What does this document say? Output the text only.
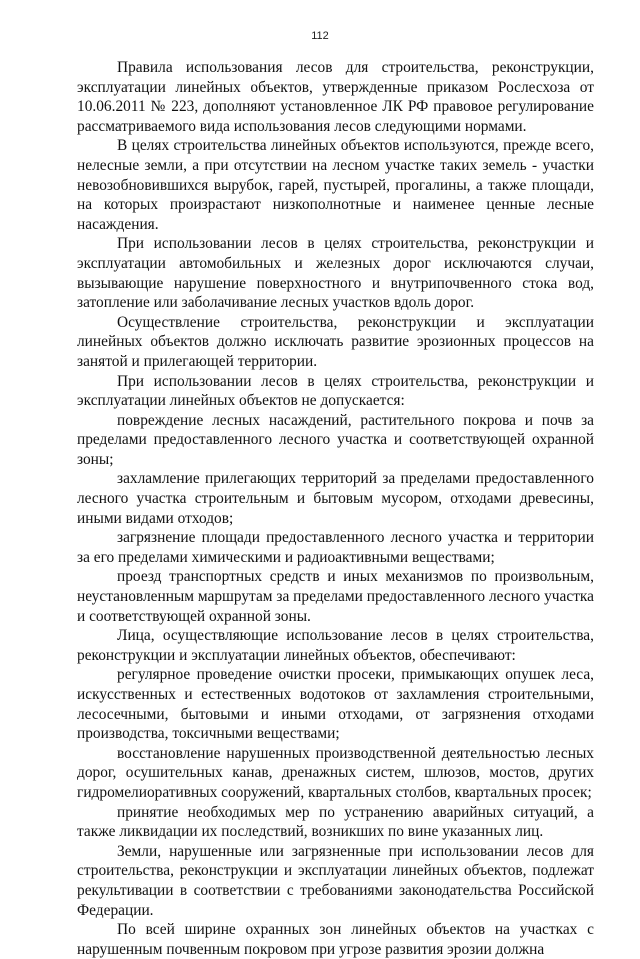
112

Правила использования лесов для строительства, реконструкции, эксплуатации линейных объектов, утвержденные приказом Рослесхоза от 10.06.2011 № 223, дополняют установленное ЛК РФ правовое регулирование рассматриваемого вида использования лесов следующими нормами.

В целях строительства линейных объектов используются, прежде всего, нелесные земли, а при отсутствии на лесном участке таких земель - участки невозобновившихся вырубок, гарей, пустырей, прогалины, а также площади, на которых произрастают низкополнотные и наименее ценные лесные насаждения.

При использовании лесов в целях строительства, реконструкции и эксплуатации автомобильных и железных дорог исключаются случаи, вызывающие нарушение поверхностного и внутрипочвенного стока вод, затопление или заболачивание лесных участков вдоль дорог.

Осуществление строительства, реконструкции и эксплуатации линейных объектов должно исключать развитие эрозионных процессов на занятой и прилегающей территории.

При использовании лесов в целях строительства, реконструкции и эксплуатации линейных объектов не допускается:

повреждение лесных насаждений, растительного покрова и почв за пределами предоставленного лесного участка и соответствующей охранной зоны;

захламление прилегающих территорий за пределами предоставленного лесного участка строительным и бытовым мусором, отходами древесины, иными видами отходов;

загрязнение площади предоставленного лесного участка и территории за его пределами химическими и радиоактивными веществами;

проезд транспортных средств и иных механизмов по произвольным, неустановленным маршрутам за пределами предоставленного лесного участка и соответствующей охранной зоны.

Лица, осуществляющие использование лесов в целях строительства, реконструкции и эксплуатации линейных объектов, обеспечивают:

регулярное проведение очистки просеки, примыкающих опушек леса, искусственных и естественных водотоков от захламления строительными, лесосечными, бытовыми и иными отходами, от загрязнения отходами производства, токсичными веществами;

восстановление нарушенных производственной деятельностью лесных дорог, осушительных канав, дренажных систем, шлюзов, мостов, других гидромелиоративных сооружений, квартальных столбов, квартальных просек;

принятие необходимых мер по устранению аварийных ситуаций, а также ликвидации их последствий, возникших по вине указанных лиц.

Земли, нарушенные или загрязненные при использовании лесов для строительства, реконструкции и эксплуатации линейных объектов, подлежат рекультивации в соответствии с требованиями законодательства Российской Федерации.

По всей ширине охранных зон линейных объектов на участках с нарушенным почвенным покровом при угрозе развития эрозии должна
